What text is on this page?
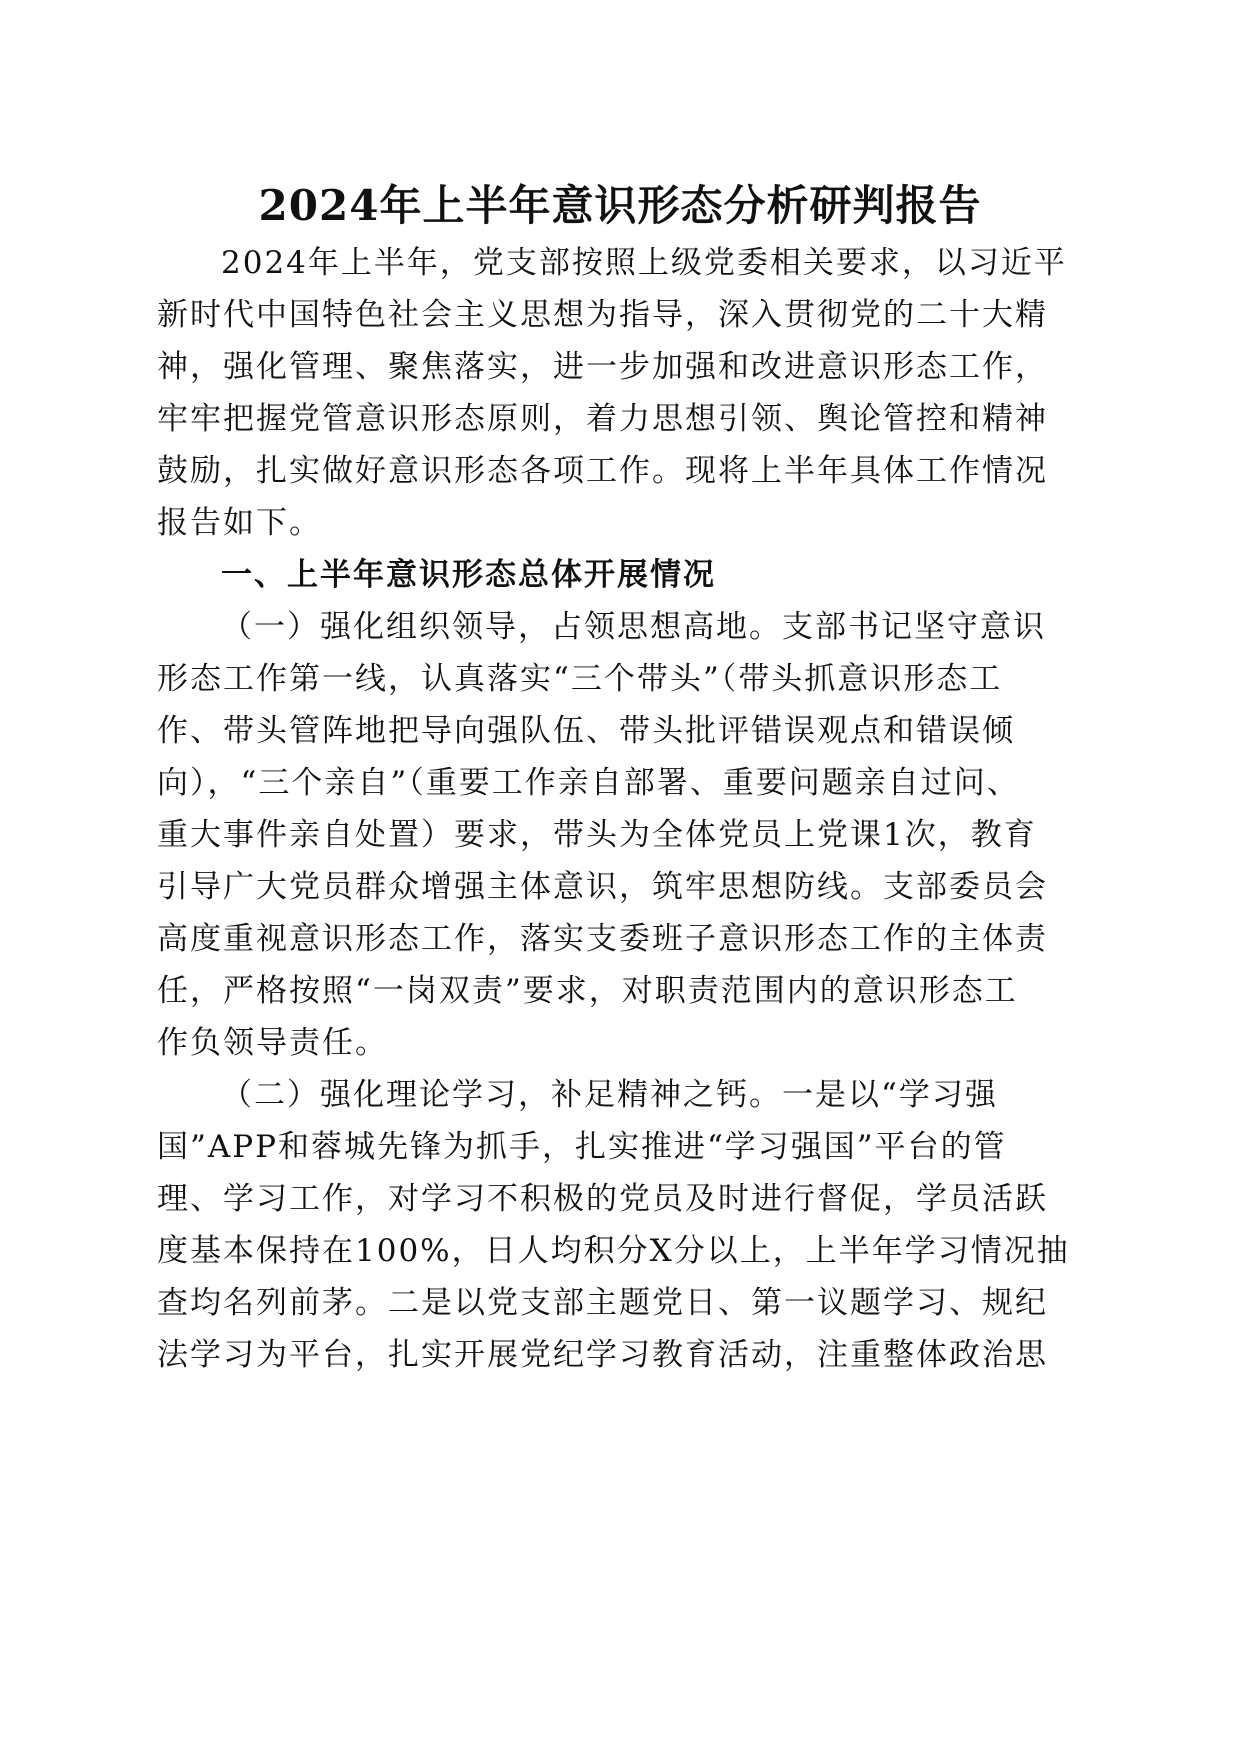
2024年上半年意识形态分析研判报告

2024年上半年，党支部按照上级党委相关要求，以习近平

新时代中国特色社会主义思想为指导，深入贯彻党的二十大精

神，强化管理、聚焦落实，进一步加强和改进意识形态工作，

牢牢把握党管意识形态原则，着力思想引领、舆论管控和精神

鼓励，扎实做好意识形态各项工作。现将上半年具体工作情况

报告如下。

一、上半年意识形态总体开展情况

（一）强化组织领导，占领思想高地。支部书记坚守意识

形态工作第一线，认真落实“三个带头”（带头抓意识形态工

作、带头管阵地把导向强队伍、带头批评错误观点和错误倾

向），“三个亲自”（重要工作亲自部署、重要问题亲自过问、

重大事件亲自处置）要求，带头为全体党员上党课1次，教育

引导广大党员群众增强主体意识，筑牢思想防线。支部委员会

高度重视意识形态工作，落实支委班子意识形态工作的主体责

任，严格按照“一岗双责”要求，对职责范围内的意识形态工

作负领导责任。

（二）强化理论学习，补足精神之钙。一是以“学习强

国”APP和蓉城先锋为抓手，扎实推进“学习强国”平台的管

理、学习工作，对学习不积极的党员及时进行督促，学员活跃

度基本保持在100%，日人均积分X分以上，上半年学习情况抽

查均名列前茅。二是以党支部主题党日、第一议题学习、规纪

法学习为平台，扎实开展党纪学习教育活动，注重整体政治思
